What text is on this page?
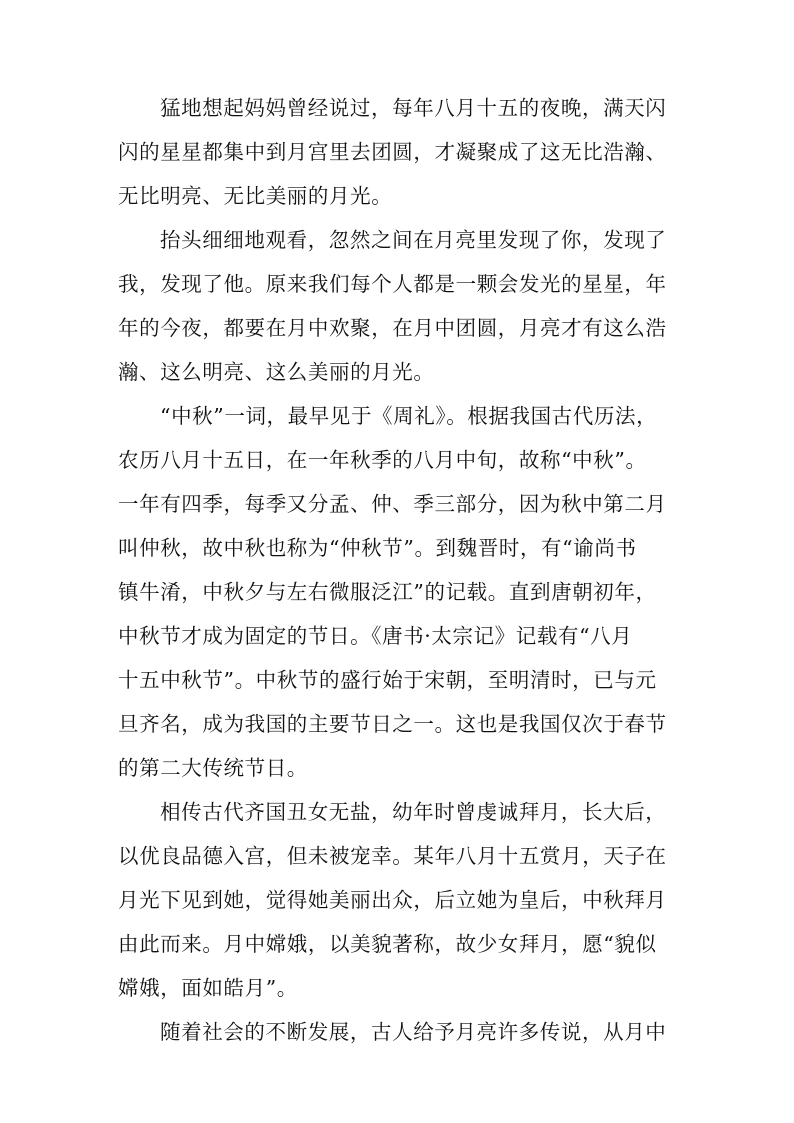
猛地想起妈妈曾经说过，每年八月十五的夜晚，满天闪
闪的星星都集中到月宫里去团圆，才凝聚成了这无比浩瀚、
无比明亮、无比美丽的月光。
抬头细细地观看，忽然之间在月亮里发现了你，发现了
我，发现了他。原来我们每个人都是一颗会发光的星星，年
年的今夜，都要在月中欢聚，在月中团圆，月亮才有这么浩
瀚、这么明亮、这么美丽的月光。
“中秋”一词，最早见于《周礼》。根据我国古代历法，
农历八月十五日，在一年秋季的八月中旬，故称“中秋”。
一年有四季，每季又分孟、仲、季三部分，因为秋中第二月
叫仲秋，故中秋也称为“仲秋节”。到魏晋时，有“谕尚书
镇牛淆，中秋夕与左右微服泛江”的记载。直到唐朝初年，
中秋节才成为固定的节日。《唐书·太宗记》记载有“八月
十五中秋节”。中秋节的盛行始于宋朝，至明清时，已与元
旦齐名，成为我国的主要节日之一。这也是我国仅次于春节
的第二大传统节日。
相传古代齐国丑女无盐，幼年时曾虔诚拜月，长大后，
以优良品德入宫，但未被宠幸。某年八月十五赏月，天子在
月光下见到她，觉得她美丽出众，后立她为皇后，中秋拜月
由此而来。月中嫦娥，以美貌著称，故少女拜月，愿“貌似
嫦娥，面如皓月”。
随着社会的不断发展，古人给予月亮许多传说，从月中
